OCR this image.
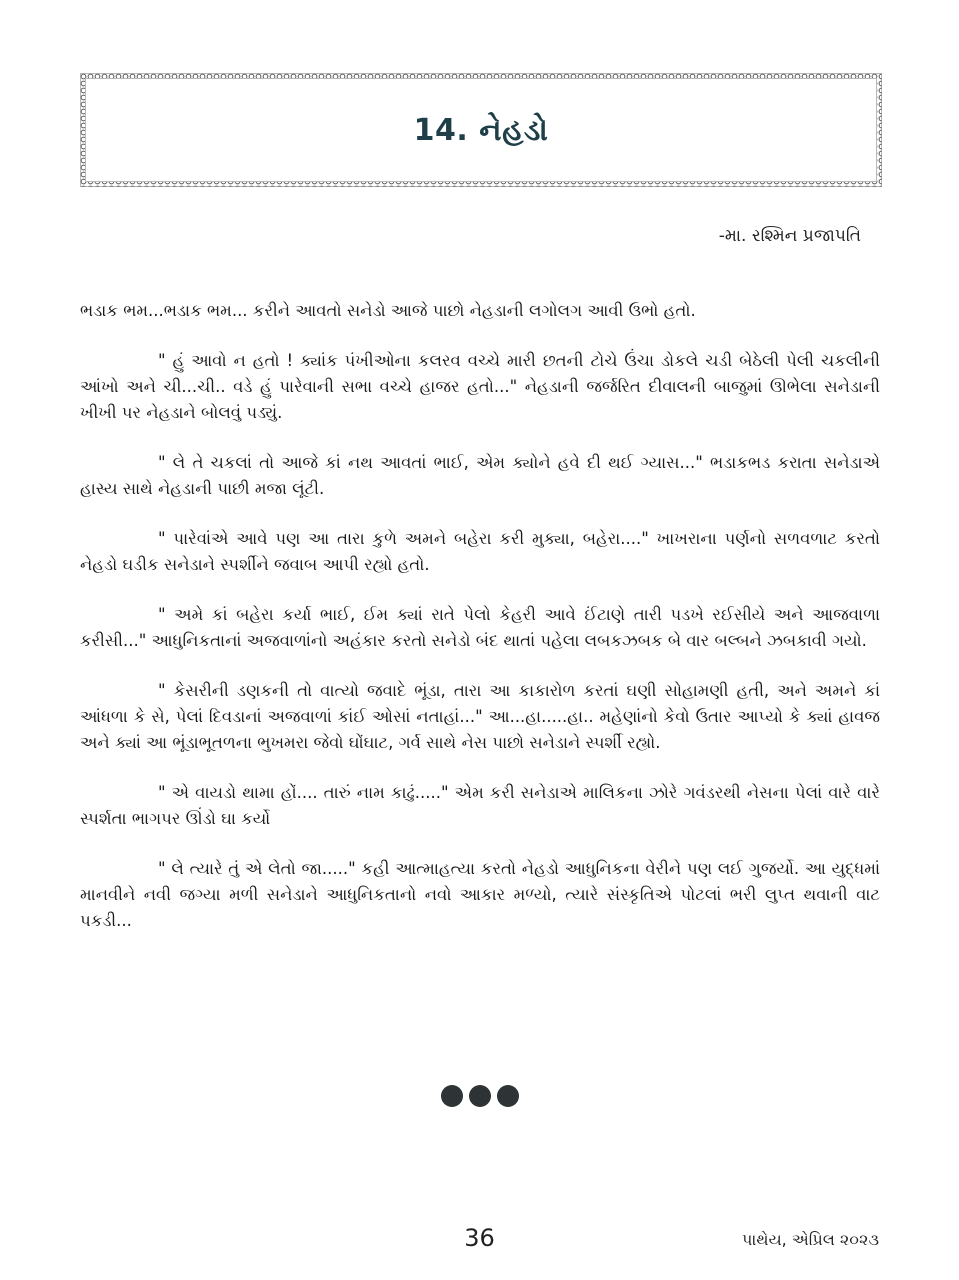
14. નેહડો
-મા. રશ્મિન પ્રજાપતિ

ભડાક ભમ...ભડાક ભમ... કરીને આવતો સનેડો આજે પાછો નેહડાની લગોલગ આવી ઉભો હતો.

" હું આવો ન હતો ! ક્યાંક પંખીઓના કલરવ વચ્ચે મારી છતની ટોચે ઉંચા ડોકલે ચડી બેઠેલી પેલી ચકલીની આંખો અને ચી...ચી.. વડે હું પારેવાની સભા વચ્ચે હાજર હતો..." નેહડાની જર્જરિત દીવાલની બાજુમાં ઊભેલા સનેડાની ખીખી પર નેહડાને બોલવું પડ્યું.

" લે તે ચકલાં તો આજે કાં નથ આવતાં ભાઈ, એમ ક્યોને હવે દી થઈ ગ્યાસ..." ભડાકભડ કરાતા સનેડાએ હાસ્ય સાથે નેહડાની પાછી મજા લૂંટી.

" પારેવાંએ આવે પણ આ તારા કુળે અમને બહેરા કરી મુક્યા, બહેરા...." ખાખરાના પર્ણનો સળવળાટ કરતો નેહડો ઘડીક સનેડાને સ્પર્શીને જવાબ આપી રહ્યો હતો.

" અમે કાં બહેરા કર્યા ભાઈ, ઈમ ક્યાં રાતે પેલો કેહરી આવે ઈંટાણે તારી પડખે રઈસીયે અને આજવાળા કરીસી..." આધુનિકતાનાં અજવાળાંનો અહંકાર કરતો સનેડો બંદ થાતાં પહેલા લબકઝબક બે વાર બલ્બને ઝબકાવી ગયો.

" કેસરીની ડણકની તો વાત્યો જવાદે ભૂંડા, તારા આ કાકારોળ કરતાં ઘણી સોહામણી હતી, અને અમને કાં આંધળા કે સે, પેલાં દિવડાનાં અજવાળાં કાંઈ ઓસાં નતાહાં..." આ...હા.....હા.. મહેણાંનો કેવો ઉતાર આપ્યો કે ક્યાં હાવજ અને ક્યાં આ ભૂંડાભૂતળના ભુખમરા જેવો ઘોંઘાટ, ગર્વ સાથે નેસ પાછો સનેડાને સ્પર્શી રહ્યો.

" એ વાયડો થામા હોં.... તારું નામ કાઢું....." એમ કરી સનેડાએ માલિકના ઝોરે ગવંડરથી નેસના પેલાં વારે વારે સ્પર્શતા ભાગપર ઊંડો ઘા કર્યો

" લે ત્યારે તું એ લેતો જા....." કહી આત્માહત્યા કરતો નેહડો આધુનિકના વેરીને પણ લઈ ગુજર્યો. આ યુદ્ધમાં માનવીને નવી જગ્યા મળી સનેડાને આધુનિકતાનો નવો આકાર મળ્યો, ત્યારે સંસ્કૃતિએ પોટલાં ભરી લુપ્ત થવાની વાટ પકડી...

36	પાથેય, એપ્રિલ ૨૦૨૩
